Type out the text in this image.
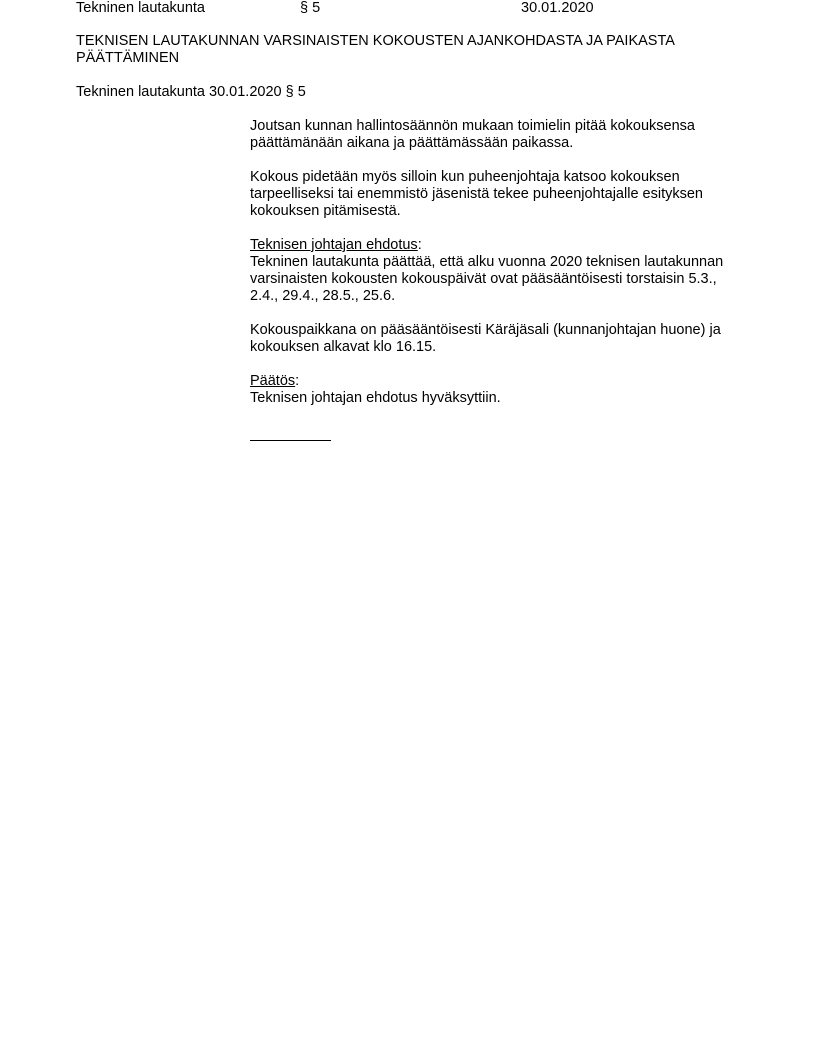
Tekninen lautakunta	§ 5	30.01.2020
TEKNISEN LAUTAKUNNAN VARSINAISTEN KOKOUSTEN AJANKOHDASTA JA PAIKASTA PÄÄTTÄMINEN

Tekninen lautakunta 30.01.2020 § 5

Joutsan kunnan hallintosäännön mukaan toimielin pitää kokouksensa päättämänään aikana ja päättämässään paikassa.

Kokous pidetään myös silloin kun puheenjohtaja katsoo kokouksen tarpeelliseksi tai enemmistö jäsenistä tekee puheenjohtajalle esityksen kokouksen pitämisestä.

Teknisen johtajan ehdotus:
Tekninen lautakunta päättää, että alku vuonna 2020 teknisen lautakunnan varsinaisten kokousten kokouspäivät ovat pääsääntöisesti torstaisin 5.3., 2.4., 29.4., 28.5., 25.6.

Kokouspaikkana on pääsääntöisesti Käräjäsali (kunnanjohtajan huone) ja kokouksen alkavat klo 16.15.

Päätös:
Teknisen johtajan ehdotus hyväksyttiin.
